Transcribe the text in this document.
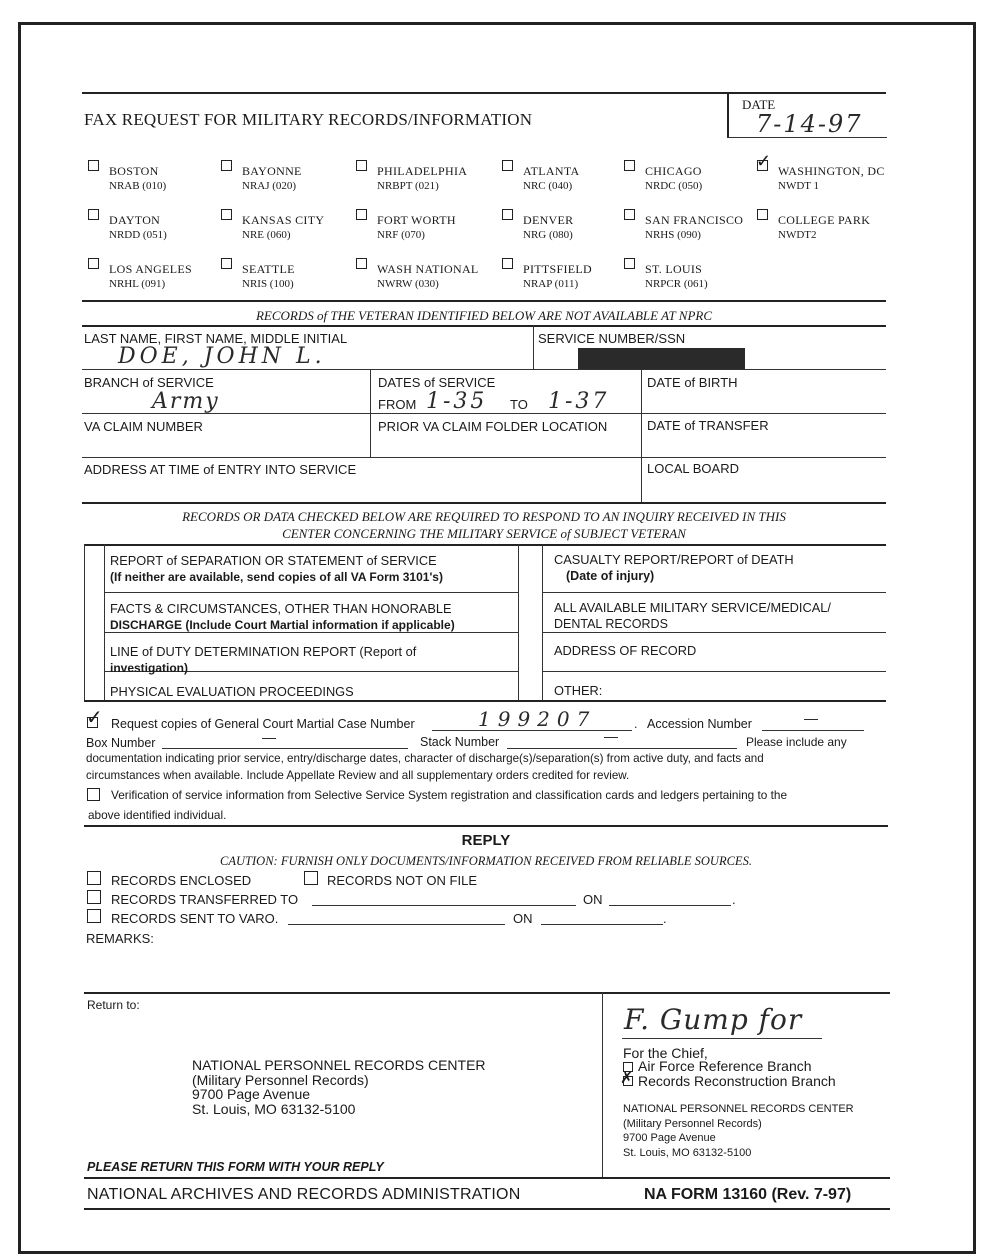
FAX REQUEST FOR MILITARY RECORDS/INFORMATION
DATE
7-14-97
BOSTON
NRAB (010)
BAYONNE
NRAJ (020)
PHILADELPHIA
NRBPT (021)
ATLANTA
NRC (040)
CHICAGO
NRDC (050)
✓ WASHINGTON, DC
NWDT 1
DAYTON
NRDD (051)
KANSAS CITY
NRE (060)
FORT WORTH
NRF (070)
DENVER
NRG (080)
SAN FRANCISCO
NRHS (090)
COLLEGE PARK
NWDT2
LOS ANGELES
NRHL (091)
SEATTLE
NRIS (100)
WASH NATIONAL
NWRW (030)
PITTSFIELD
NRAP (011)
ST. LOUIS
NRPCR (061)
RECORDS of THE VETERAN IDENTIFIED BELOW ARE NOT AVAILABLE AT NPRC
LAST NAME, FIRST NAME, MIDDLE INITIAL
DOE, JOHN L.
SERVICE NUMBER/SSN
BRANCH of SERVICE
Army
DATES of SERVICE
FROM 1-35 TO 1-37
DATE of BIRTH
VA CLAIM NUMBER	PRIOR VA CLAIM FOLDER LOCATION	DATE of TRANSFER
ADDRESS AT TIME of ENTRY INTO SERVICE	LOCAL BOARD
RECORDS OR DATA CHECKED BELOW ARE REQUIRED TO RESPOND TO AN INQUIRY RECEIVED IN THIS
CENTER CONCERNING THE MILITARY SERVICE of SUBJECT VETERAN
REPORT of SEPARATION OR STATEMENT of SERVICE
(If neither are available, send copies of all VA Form 3101's)
CASUALTY REPORT/REPORT of DEATH
(Date of injury)
FACTS & CIRCUMSTANCES, OTHER THAN HONORABLE
DISCHARGE (Include Court Martial information if applicable)
ALL AVAILABLE MILITARY SERVICE/MEDICAL/
DENTAL RECORDS
LINE of DUTY DETERMINATION REPORT (Report of
investigation)
ADDRESS OF RECORD
PHYSICAL EVALUATION PROCEEDINGS	OTHER:
✓ Request copies of General Court Martial Case Number	199207	. Accession Number	—
Box Number	—	Stack Number	—	Please include any
documentation indicating prior service, entry/discharge dates, character of discharge(s)/separation(s) from active duty, and facts and
circumstances when available. Include Appellate Review and all supplementary orders credited for review.
Verification of service information from Selective Service System registration and classification cards and ledgers pertaining to the
above identified individual.
REPLY
CAUTION: FURNISH ONLY DOCUMENTS/INFORMATION RECEIVED FROM RELIABLE SOURCES.
RECORDS ENCLOSED	RECORDS NOT ON FILE
RECORDS TRANSFERRED TO	ON	.
RECORDS SENT TO VARO.	ON	.
REMARKS:
Return to:
NATIONAL PERSONNEL RECORDS CENTER
(Military Personnel Records)
9700 Page Avenue
St. Louis, MO 63132-5100
PLEASE RETURN THIS FORM WITH YOUR REPLY
F. Gump for
For the Chief,
Air Force Reference Branch
✗ Records Reconstruction Branch
NATIONAL PERSONNEL RECORDS CENTER
(Military Personnel Records)
9700 Page Avenue
St. Louis, MO 63132-5100
NATIONAL ARCHIVES AND RECORDS ADMINISTRATION	NA FORM 13160 (Rev. 7-97)
